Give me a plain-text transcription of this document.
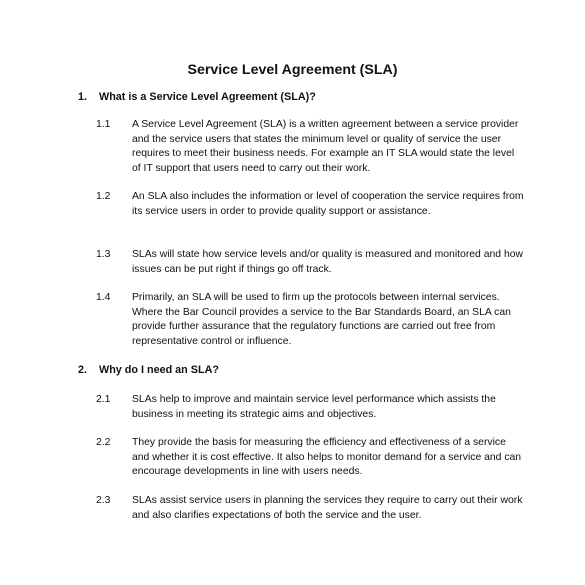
Service Level Agreement (SLA)
1. What is a Service Level Agreement (SLA)?
1.1	A Service Level Agreement (SLA) is a written agreement between a service provider and the service users that states the minimum level or quality of service the user requires to meet their business needs. For example an IT SLA would state the level of IT support that users need to carry out their work.
1.2	An SLA also includes the information or level of cooperation the service requires from its service users in order to provide quality support or assistance.
1.3	SLAs will state how service levels and/or quality is measured and monitored and how issues can be put right if things go off track.
1.4	Primarily, an SLA will be used to firm up the protocols between internal services. Where the Bar Council provides a service to the Bar Standards Board, an SLA can provide further assurance that the regulatory functions are carried out free from representative control or influence.
2. Why do I need an SLA?
2.1	SLAs help to improve and maintain service level performance which assists the business in meeting its strategic aims and objectives.
2.2	They provide the basis for measuring the efficiency and effectiveness of a service and whether it is cost effective. It also helps to monitor demand for a service and can encourage developments in line with users needs.
2.3	SLAs assist service users in planning the services they require to carry out their work and also clarifies expectations of both the service and the user.
